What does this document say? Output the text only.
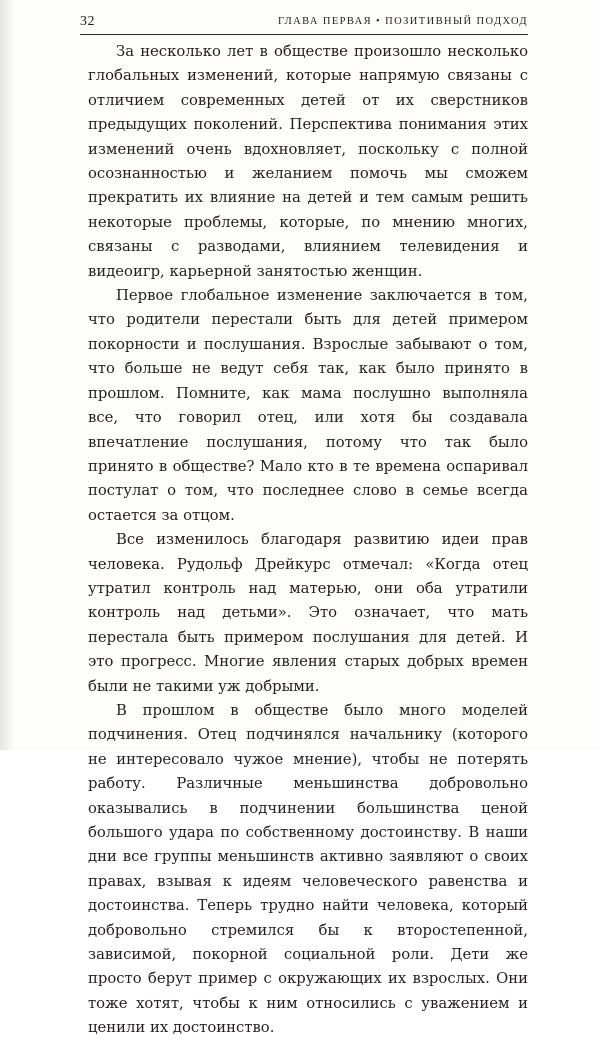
32	ГЛАВА ПЕРВАЯ • ПОЗИТИВНЫЙ ПОДХОД

За несколько лет в обществе произошло несколько глобальных изменений, которые напрямую связаны с отличием современных детей от их сверстников предыдущих поколений. Перспектива понимания этих изменений очень вдохновляет, поскольку с полной осознанностью и желанием помочь мы сможем прекратить их влияние на детей и тем самым решить некоторые проблемы, которые, по мнению многих, связаны с разводами, влиянием телевидения и видеоигр, карьерной занятостью женщин.

Первое глобальное изменение заключается в том, что родители перестали быть для детей примером покорности и послушания. Взрослые забывают о том, что больше не ведут себя так, как было принято в прошлом. Помните, как мама послушно выполняла все, что говорил отец, или хотя бы создавала впечатление послушания, потому что так было принято в обществе? Мало кто в те времена оспаривал постулат о том, что последнее слово в семье всегда остается за отцом.

Все изменилось благодаря развитию идеи прав человека. Рудольф Дрейкурс отмечал: «Когда отец утратил контроль над матерью, они оба утратили контроль над детьми». Это означает, что мать перестала быть примером послушания для детей. И это прогресс. Многие явления старых добрых времен были не такими уж добрыми.

В прошлом в обществе было много моделей подчинения. Отец подчинялся начальнику (которого не интересовало чужое мнение), чтобы не потерять работу. Различные меньшинства добровольно оказывались в подчинении большинства ценой большого удара по собственному достоинству. В наши дни все группы меньшинств активно заявляют о своих правах, взывая к идеям человеческого равенства и достоинства. Теперь трудно найти человека, который добровольно стремился бы к второстепенной, зависимой, покорной социальной роли. Дети же просто берут пример с окружающих их взрослых. Они тоже хотят, чтобы к ним относились с уважением и ценили их достоинство.
